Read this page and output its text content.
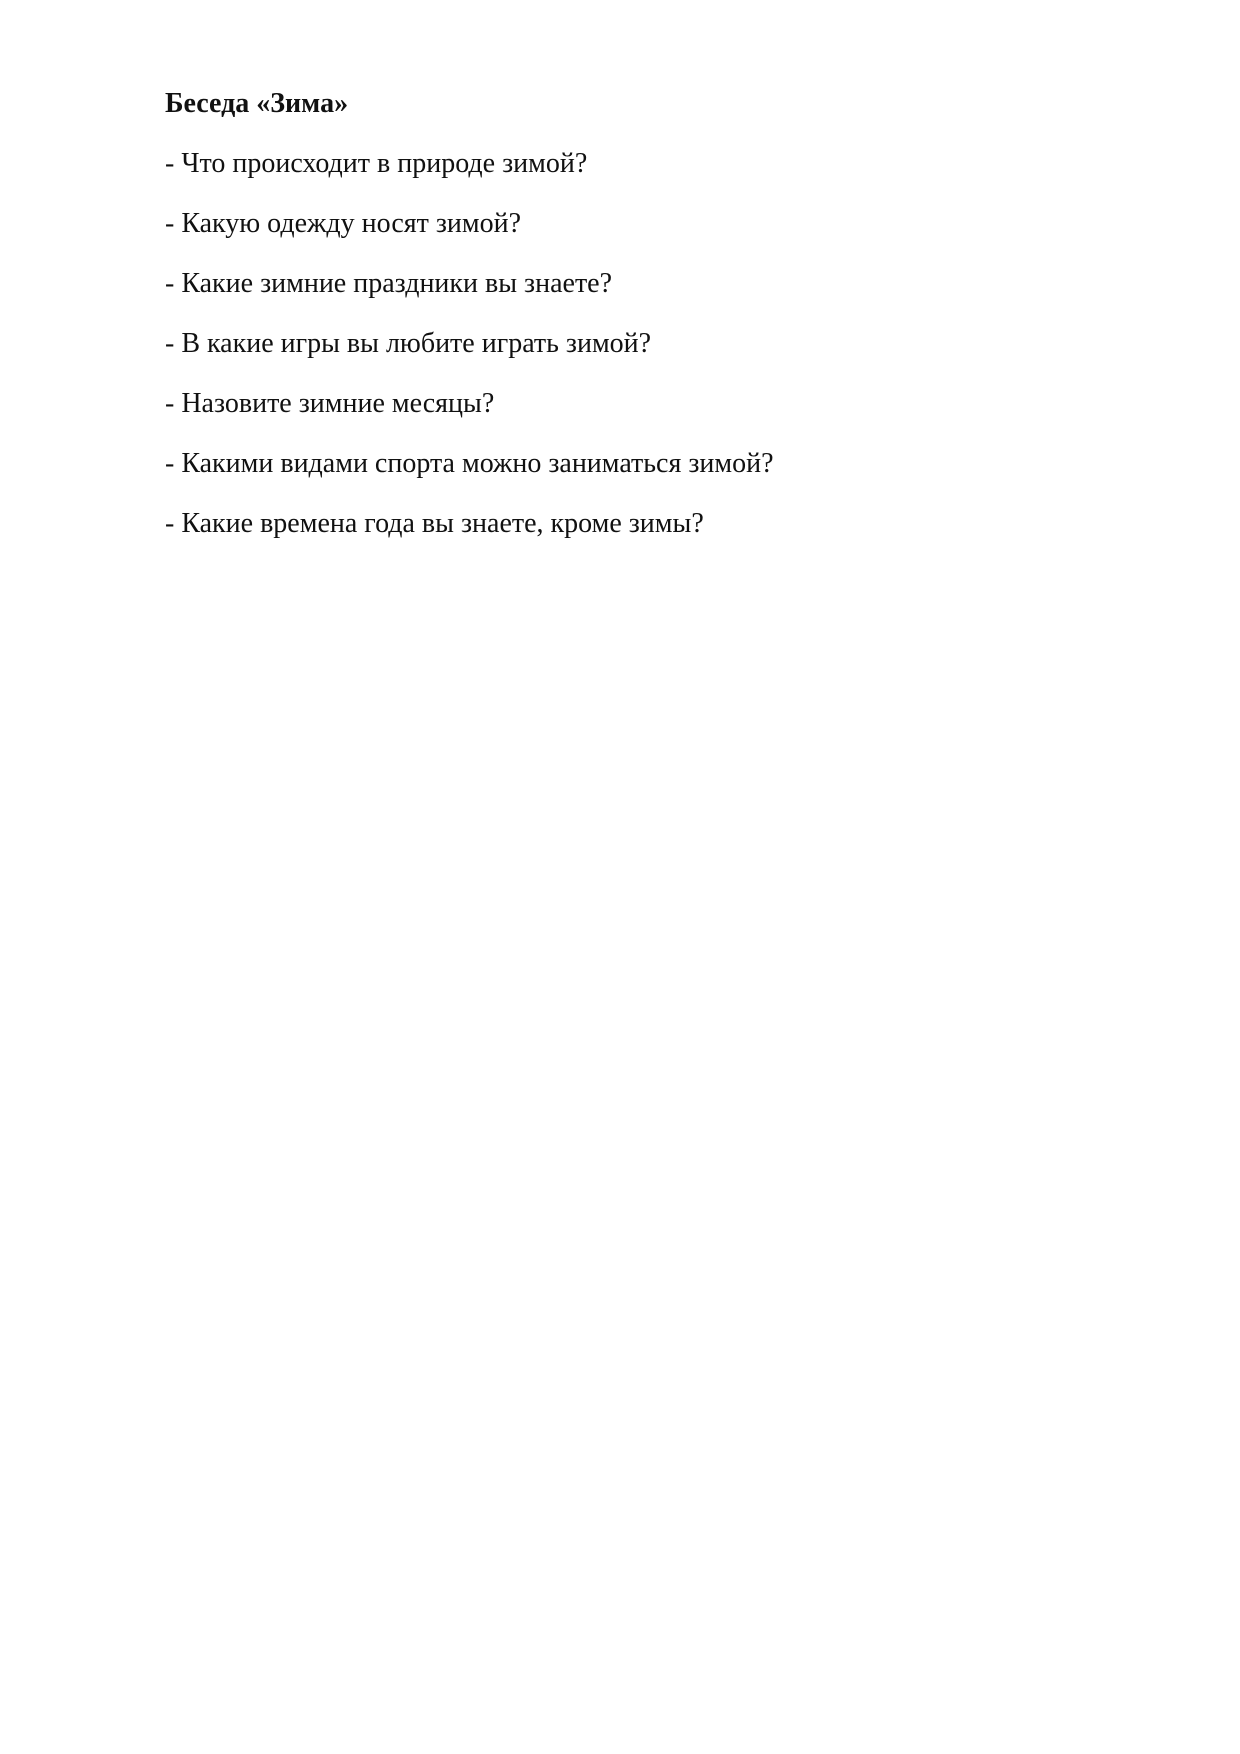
Беседа «Зима»
- Что происходит в природе зимой?
- Какую одежду носят зимой?
- Какие зимние праздники вы знаете?
- В какие игры вы любите играть зимой?
- Назовите зимние месяцы?
- Какими видами спорта можно заниматься зимой?
- Какие времена года вы знаете, кроме зимы?
